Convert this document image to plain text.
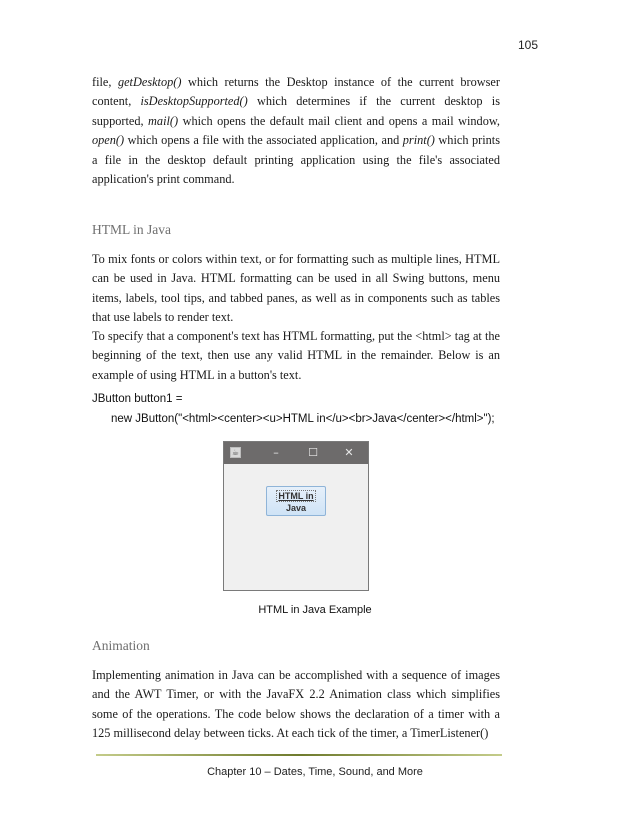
105

file, getDesktop() which returns the Desktop instance of the current browser content, isDesktopSupported() which determines if the current desktop is supported, mail() which opens the default mail client and opens a mail window, open() which opens a file with the associated application, and print() which prints a file in the desktop default printing application using the file's associated application's print command.

HTML in Java

To mix fonts or colors within text, or for formatting such as multiple lines, HTML can be used in Java. HTML formatting can be used in all Swing buttons, menu items, labels, tool tips, and tabbed panes, as well as in components such as tables that use labels to render text.

To specify that a component's text has HTML formatting, put the <html> tag at the beginning of the text, then use any valid HTML in the remainder. Below is an example of using HTML in a button's text.

JButton button1 =
new JButton("<html><center><u>HTML in</u><br>Java</center></html>");
☕	–	☐	✕
HTML in
Java
HTML in Java Example
Animation

Implementing animation in Java can be accomplished with a sequence of images and the AWT Timer, or with the JavaFX 2.2 Animation class which simplifies some of the operations. The code below shows the declaration of a timer with a 125 millisecond delay between ticks. At each tick of the timer, a TimerListener()

Chapter 10 – Dates, Time, Sound, and More
